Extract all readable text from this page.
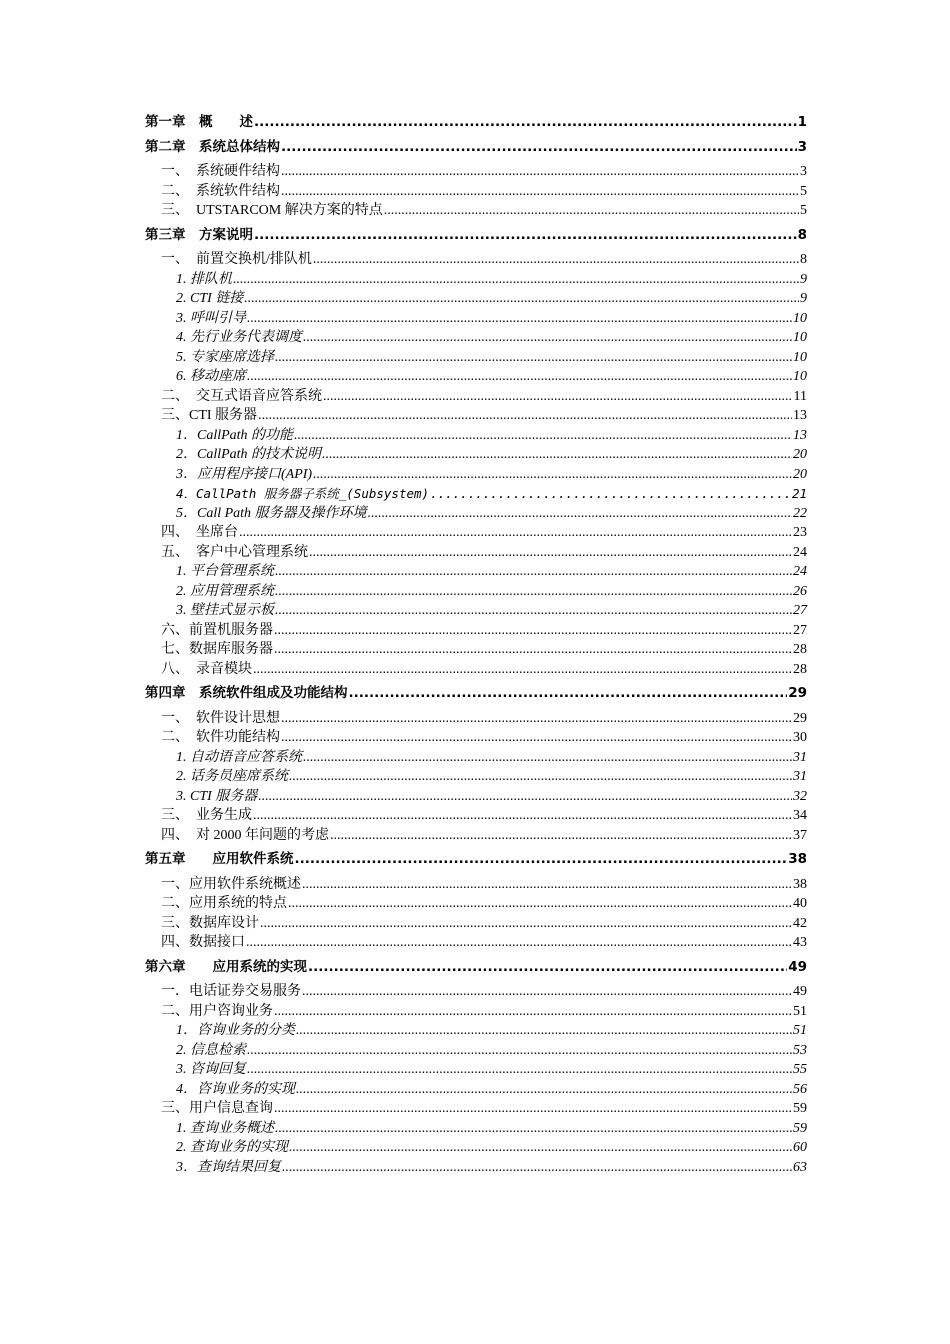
第一章　概　　述 .....	1
第二章　系统总体结构 .....	3
一、　系统硬件结构 .....	3
二、　系统软件结构 .....	5
三、　UTSTARCOM 解决方案的特点 .....	5
第三章　方案说明 .....	8
一、　前置交换机/排队机 .....	8
1. 排队机 .....	9
2. CTI 链接 .....	9
3. 呼叫引导 .....	10
4. 先行业务代表调度 .....	10
5. 专家座席选择 .....	10
6. 移动座席 .....	10
二、　交互式语音应答系统 .....	11
三、CTI 服务器 .....	13
1．CallPath 的功能 .....	13
2．CallPath 的技术说明 .....	20
3．应用程序接口(API) .....	20
4．CallPath 服务器子系统_(Subsystem) .....	21
5．Call Path 服务器及操作环境 .....	22
四、　坐席台 .....	23
五、　客户中心管理系统 .....	24
1. 平台管理系统 .....	24
2. 应用管理系统 .....	26
3. 壁挂式显示板 .....	27
六、前置机服务器 .....	27
七、数据库服务器 .....	28
八、　录音模块 .....	28
第四章　系统软件组成及功能结构 .....	29
一、　软件设计思想 .....	29
二、　软件功能结构 .....	30
1. 自动语音应答系统 .....	31
2. 话务员座席系统 .....	31
3. CTI 服务器 .....	32
三、　业务生成 .....	34
四、　对 2000 年问题的考虑 .....	37
第五章　　应用软件系统 .....	38
一、应用软件系统概述 .....	38
二、应用系统的特点 .....	40
三、数据库设计 .....	42
四、数据接口 .....	43
第六章　　应用系统的实现 .....	49
一．电话证券交易服务 .....	49
二、用户咨询业务 .....	51
1．咨询业务的分类 .....	51
2. 信息检索 .....	53
3. 咨询回复 .....	55
4．咨询业务的实现 .....	56
三、用户信息查询 .....	59
1. 查询业务概述 .....	59
2. 查询业务的实现 .....	60
3．查询结果回复 .....	63
